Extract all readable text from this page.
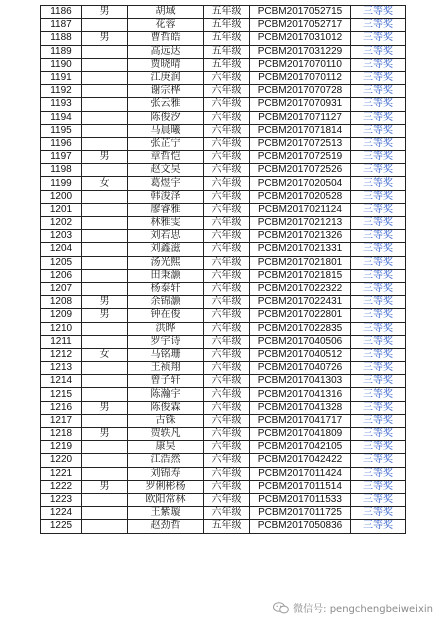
1186	男	胡域	五年级	PCBM2017052715	三等奖
1187		花蓉	五年级	PCBM2017052717	三等奖
1188	男	曹哲皓	五年级	PCBM2017031012	三等奖
1189		高远达	五年级	PCBM2017031229	三等奖
1190		贾晓晴	五年级	PCBM2017070110	三等奖
1191		江庚润	六年级	PCBM2017070112	三等奖
1192		谢宗桦	六年级	PCBM2017070728	三等奖
1193		张云雅	六年级	PCBM2017070931	三等奖
1194		陈俊汐	六年级	PCBM2017071127	三等奖
1195		马晨曦	六年级	PCBM2017071814	三等奖
1196		张芷宁	六年级	PCBM2017072513	三等奖
1197	男	章哲恺	六年级	PCBM2017072519	三等奖
1198		赵文昊	六年级	PCBM2017072526	三等奖
1199	女	葛煜宇	六年级	PCBM2017020504	三等奖
1200		韩浚泽	六年级	PCBM2017020528	三等奖
1201		廖睿雅	六年级	PCBM2017021124	三等奖
1202		林雅雯	六年级	PCBM2017021213	三等奖
1203		刘若思	六年级	PCBM2017021326	三等奖
1204		刘鑫滋	六年级	PCBM2017021331	三等奖
1205		汤光熙	六年级	PCBM2017021801	三等奖
1206		田秉灏	六年级	PCBM2017021815	三等奖
1207		杨泰轩	六年级	PCBM2017022322	三等奖
1208	男	余锦灏	六年级	PCBM2017022431	三等奖
1209	男	钟在俊	六年级	PCBM2017022801	三等奖
1210		洪晔	六年级	PCBM2017022835	三等奖
1211		罗宇诗	六年级	PCBM2017040506	三等奖
1212	女	马铭珊	六年级	PCBM2017040512	三等奖
1213		王祯翔	六年级	PCBM2017040726	三等奖
1214		曾子轩	六年级	PCBM2017041303	三等奖
1215		陈瀚宇	六年级	PCBM2017041316	三等奖
1216	男	陈俊霖	六年级	PCBM2017041328	三等奖
1217		古铢	六年级	PCBM2017041717	三等奖
1218	男	贺轶凡	六年级	PCBM2017041809	三等奖
1219		康昊	六年级	PCBM2017042105	三等奖
1220		江浩然	六年级	PCBM2017042422	三等奖
1221		刘锦寿	六年级	PCBM2017011424	三等奖
1222	男	罗俐彬杨	六年级	PCBM2017011514	三等奖
1223		欧阳常林	六年级	PCBM2017011533	三等奖
1224		王紫璇	六年级	PCBM2017011725	三等奖
1225		赵劲哲	五年级	PCBM2017050836	三等奖
微信号: pengchengbeiweixin
